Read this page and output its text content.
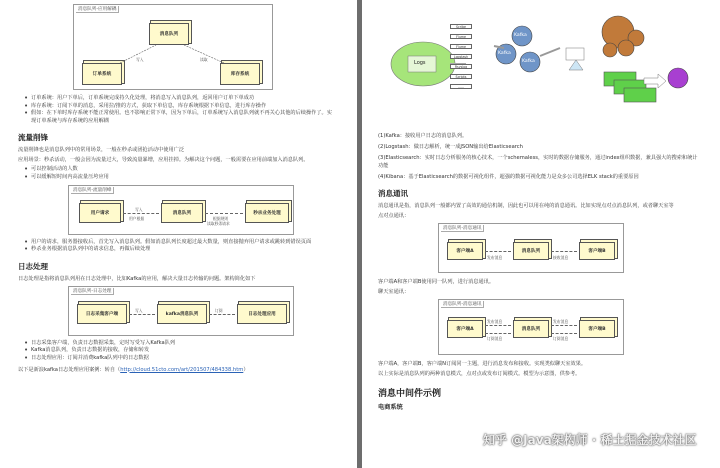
消息队列-应用解耦
消息队列
订单系统	库存系统
写入	读取
• 订单系统：用户下单后，订单系统完成持久化处理，将消息写入消息队列，返回用户订单下单成功
• 库存系统：订阅下单的消息，采用拉/推的方式，获取下单信息，库存系统根据下单信息，进行库存操作
• 假如：在下单时库存系统不能正常使用。也不影响正常下单，因为下单后，订单系统写入消息队列就不再关心其他的后续操作了。实现订单系统与库存系统的应用解耦
流量削锋

流量削锋也是消息队列中的常用场景，一般在秒杀或团抢活动中使用广泛

应用场景：秒杀活动，一般会因为流量过大，导致流量暴增，应用挂掉。为解决这个问题，一般需要在应用前端加入消息队列。

• 可以控制活动的人数
• 可以缓解短时间内高流量压垮应用
消息队列-流量削峰
用户请求	消息队列	秒杀业务处理
写入
用户根据	根据规则
读取秒杀请求
• 用户的请求，服务器接收后，首先写入消息队列。假如消息队列长度超过最大数量，则直接抛弃用户请求或跳转到错误页面
• 秒杀业务根据消息队列中的请求信息，再做后续处理
日志处理

日志处理是指将消息队列用在日志处理中，比如Kafka的应用，解决大量日志传输的问题。架构简化如下

消息队列-日志处理
日志采集客户端	kafka消息队列	日志处理应用
写入	订阅
• 日志采集客户端，负责日志数据采集，定时写受写入Kafka队列
• Kafka消息队列，负责日志数据的接收，存储和转发
• 日志处理应用：订阅并消费kafka队列中的日志数据

以下是新浪kafka日志处理应用案例：转自（http://cloud.51cto.com/art/201507/484338.htm）

Scribe
Flume
Flume
Logstash
Rsyslog
Scripts
......
Logs
Kafka
Kafka
Kafka

(1)Kafka：接收用户日志的消息队列。

(2)Logstash：做日志解析，统一成JSON输出给Elasticsearch

(3)Elasticsearch：实时日志分析服务的核心技术，一个schemaless，实时的数据存储服务，通过index组织数据，兼具强大的搜索和统计功能

(4)Kibana：基于Elasticsearch的数据可视化组件，超强的数据可视化能力是众多公司选择ELK stack的重要原因

消息通讯

消息通讯是指，消息队列一般都内置了高效的通信机制，因此也可以用在纯的消息通讯。比如实现点对点消息队列，或者聊天室等

点对点通讯：

消息队列-消息通讯
客户端A	消息队列	客户端B
发布消息	接收消息

客户端A和客户端B使用同一队列，进行消息通讯。

聊天室通讯：

消息队列-消息通讯
客户端A	消息队列	客户端B
发布消息
订阅消息
发布消息
订阅消息

客户端A，客户端B，客户端N订阅同一主题，进行消息发布和接收。实现类似聊天室效果。

以上实际是消息队列的两种消息模式，点对点或发布订阅模式。模型为示意图，供参考。

消息中间件示例
电商系统
知乎 @Java架构师 · 稀土掘金技术社区
